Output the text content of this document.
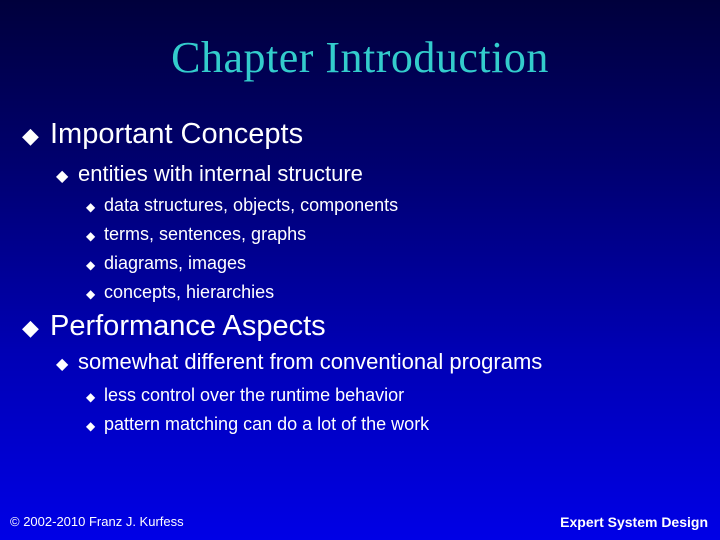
Chapter Introduction
◆ Important Concepts
◆ entities with internal structure
◆ data structures, objects, components
◆ terms, sentences, graphs
◆ diagrams, images
◆ concepts, hierarchies
◆ Performance Aspects
◆ somewhat different from conventional programs
◆ less control over the runtime behavior
◆ pattern matching can do a lot of the work
© 2002-2010 Franz J. Kurfess	Expert System Design
